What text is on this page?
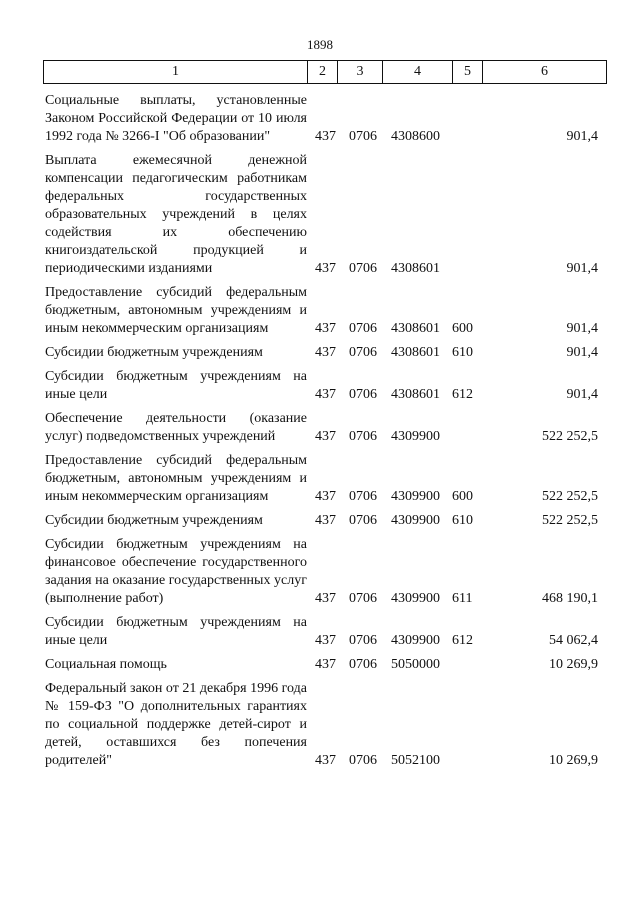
1898
1	2	3	4	5	6
Социальные выплаты, установленные Законом Российской Федерации от 10 июля 1992 года № 3266-I "Об образовании"	437 0706 4308600	901,4
Выплата ежемесячной денежной компенсации педагогическим работникам федеральных государственных образовательных учреждений в целях содействия их обеспечению книгоиздательской продукцией и периодическими изданиями	437 0706 4308601	901,4
Предоставление субсидий федеральным бюджетным, автономным учреждениям и иным некоммерческим организациям	437 0706 4308601 600	901,4
Субсидии бюджетным учреждениям	437 0706 4308601 610	901,4
Субсидии бюджетным учреждениям на иные цели	437 0706 4308601 612	901,4
Обеспечение деятельности (оказание услуг) подведомственных учреждений	437 0706 4309900	522 252,5
Предоставление субсидий федеральным бюджетным, автономным учреждениям и иным некоммерческим организациям	437 0706 4309900 600	522 252,5
Субсидии бюджетным учреждениям	437 0706 4309900 610	522 252,5
Субсидии бюджетным учреждениям на финансовое обеспечение государственного задания на оказание государственных услуг (выполнение работ)	437 0706 4309900 611	468 190,1
Субсидии бюджетным учреждениям на иные цели	437 0706 4309900 612	54 062,4
Социальная помощь	437 0706 5050000	10 269,9
Федеральный закон от 21 декабря 1996 года № 159-ФЗ "О дополнительных гарантиях по социальной поддержке детей-сирот и детей, оставшихся без попечения родителей"	437 0706 5052100	10 269,9
